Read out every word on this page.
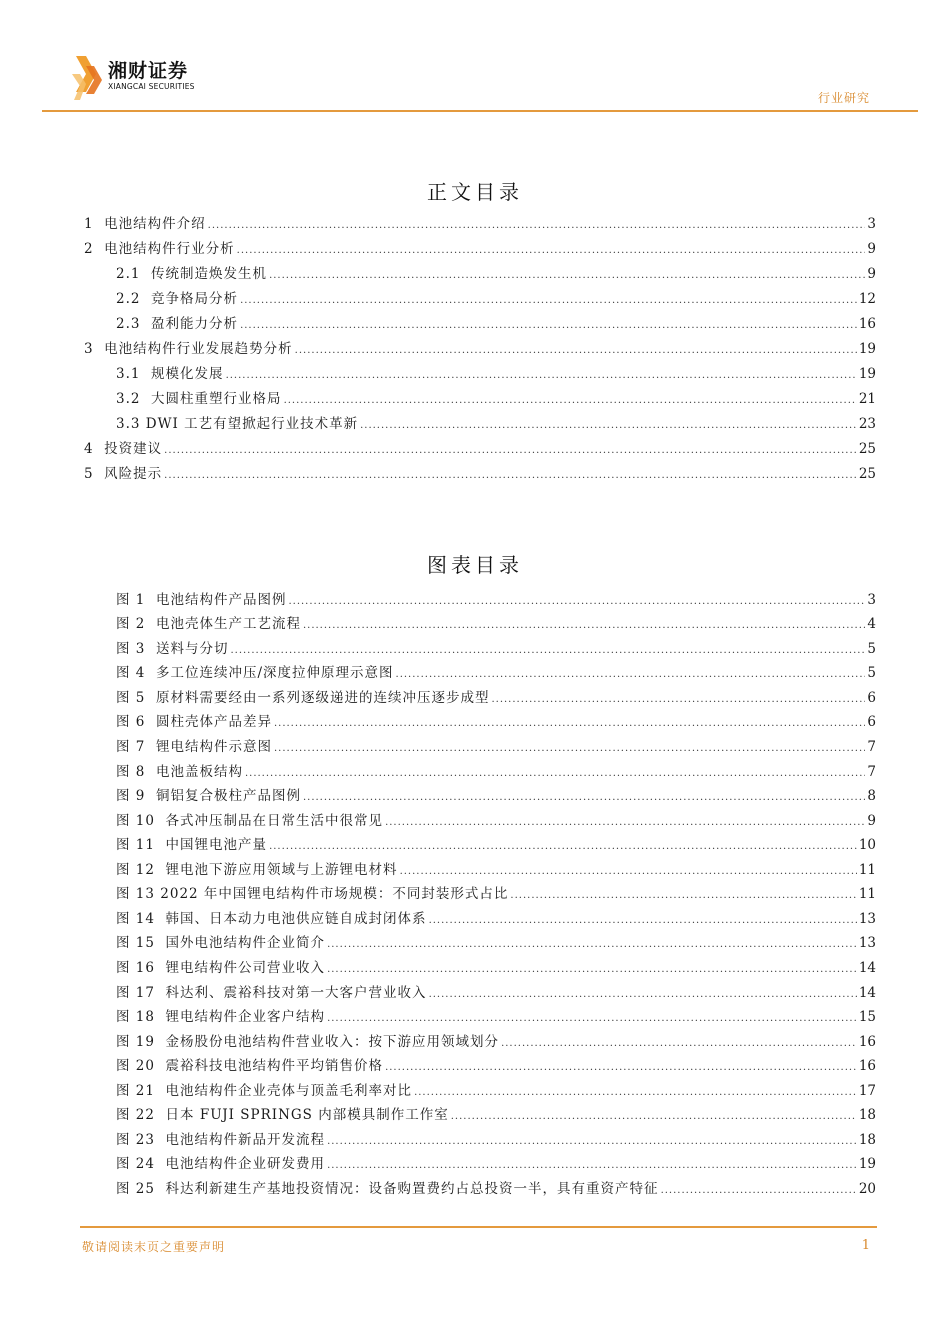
湘财证券
XIANGCAI SECURITIES
行业研究
正文目录
1  电池结构件介绍 .....	3
2  电池结构件行业分析 .....	9
2.1  传统制造焕发生机 .....	9
2.2  竞争格局分析 .....	12
2.3  盈利能力分析 .....	16
3  电池结构件行业发展趋势分析 .....	19
3.1  规模化发展 .....	19
3.2  大圆柱重塑行业格局 .....	21
3.3 DWI 工艺有望掀起行业技术革新 .....	23
4  投资建议 .....	25
5  风险提示 .....	25
图表目录
图 1  电池结构件产品图例 .....	3
图 2  电池壳体生产工艺流程 .....	4
图 3  送料与分切 .....	5
图 4  多工位连续冲压/深度拉伸原理示意图 .....	5
图 5  原材料需要经由一系列逐级递进的连续冲压逐步成型 .....	6
图 6  圆柱壳体产品差异 .....	6
图 7  锂电结构件示意图 .....	7
图 8  电池盖板结构 .....	7
图 9  铜铝复合极柱产品图例 .....	8
图 10  各式冲压制品在日常生活中很常见 .....	9
图 11  中国锂电池产量 .....	10
图 12  锂电池下游应用领域与上游锂电材料 .....	11
图 13 2022 年中国锂电结构件市场规模：不同封装形式占比 .....	11
图 14  韩国、日本动力电池供应链自成封闭体系 .....	13
图 15  国外电池结构件企业简介 .....	13
图 16  锂电结构件公司营业收入 .....	14
图 17  科达利、震裕科技对第一大客户营业收入 .....	14
图 18  锂电结构件企业客户结构 .....	15
图 19  金杨股份电池结构件营业收入：按下游应用领域划分 .....	16
图 20  震裕科技电池结构件平均销售价格 .....	16
图 21  电池结构件企业壳体与顶盖毛利率对比 .....	17
图 22  日本 FUJI SPRINGS 内部模具制作工作室 .....	18
图 23  电池结构件新品开发流程 .....	18
图 24  电池结构件企业研发费用 .....	19
图 25  科达利新建生产基地投资情况：设备购置费约占总投资一半，具有重资产特征 .....	20
敬请阅读末页之重要声明	1
